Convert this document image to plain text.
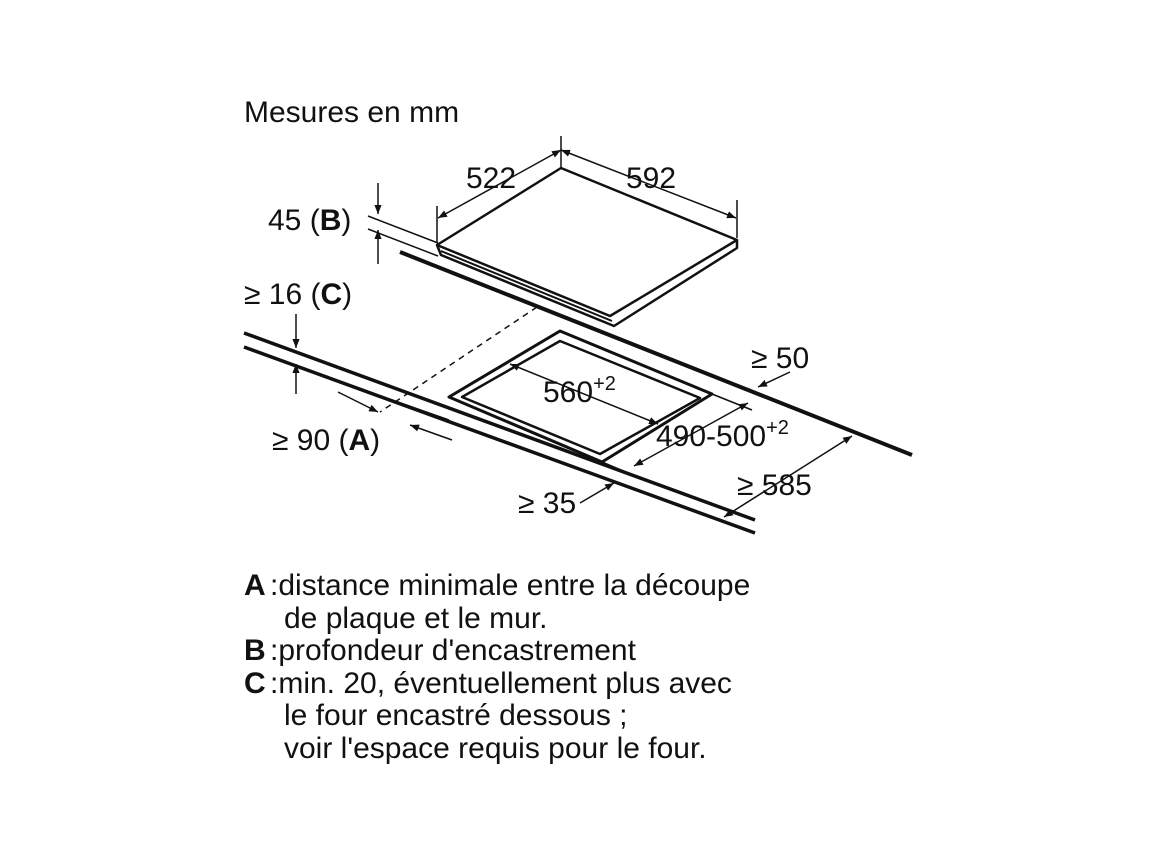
Mesures en mm
522	592
45 (B)
≥ 16 (C)
≥ 50
$560^{+2}$
$490-500^{+2}$
≥ 90 (A)
≥ 35
≥ 585
A : distance minimale entre la découpe
de plaque et le mur.
B : profondeur d'encastrement
C : min. 20, éventuellement plus avec
le four encastré dessous ;
voir l'espace requis pour le four.
